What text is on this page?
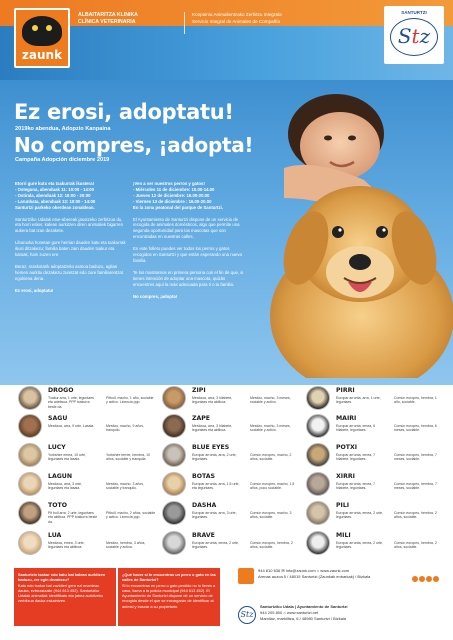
zaunk
ALBAITARITZA KLINIKA
CLÍNICA VETERINARIA
Konpainia Animalientzako Zerbitzu Integrala
Servicio Integral de Animales de Compañía
SANTURTZI
Stz
Ez erosi, adoptatu!
2019ko abenduа, Adopzio Kanpaina
No compres, ¡adopta!
Campaña Adopción diciembre 2019

Etorri gure kutx eta txakurrak ikustera!
- Osteguna, abenduak 11: 10:00 - 14:00
- Ostirala, abenduak 12: 16:00 - 20:00
- Larunbata, abenduak 13: 10:00 - 14:00
Santurtzi parkeko okerdean zonaldean.

Santurtziko Udalak etxe-abereak jasotzeko zerbitzua du, eta horri esker, kalean aurkitzen diren animaliek bigarren aukera bat izan dezakete.

Liburuxka honetan gure herrian dauden katu eta txakurrak ikusi ditzakezu; familia baten zain dauden txakur eta katuak, hain zuzen ere.

Beraz, maskotarik adoptatzeko asmoa baduzu, aglian hemen aurkitu dezakezu zuretzat edo zure familiarentzat egokiena dena.

Ez erosi, adoptatu!

¡Ven a ver nuestros perros y gatos!
- Miércoles 11 de diciembre: 10.00-14.00
- Jueves 12 de diciembre: 16.00-20.00
- Viernes 13 de diciembre : 16.00-20.00
En la zona peatonal del parque de Santurtzi.

El Ayuntamiento de Santurtzi dispone de un servicio de recogida de animales domésticos, algo que permite una segunda oportunidad para las mascotas que son encontradas en nuestras calles.

En este folleto puedes ver todos los perros y gatos recogidos en Santurtzi y que están esperando una nueva familia.

Te los mostramos en primera persona con el fin de que, si tienes intención de adoptar una mascota, quizás encuentres aquí la más adecuada para ti o tu familia.

No compres, ¡adopta!

DROGO
Txakur arra, 1 urte, leguntaes eta adeitsua. PPP txakurra beste da.
Pitbull, macho, 1 año, sociable y activo. Licencia ppp.
ZIPI
Mestizoa, arra, 3 hilabete, leguntaes eta aktiboa.
Mestizo, macho, 3 meses, sociable y activo.
PIRRI
Europar arrunta, arra, 1 urte, leguntaes.
Común europeo, hembra, 1 año, sociable.
SAGU
Mestizoa, arra, 9 urte. Lasaia.	Mestizo, macho, 9 años, tranquilo.
ZAPE
Mestizoa, arra, 3 hilabete, leguntaes eta aktiboa.
Mestizo, macho, 3 meses, sociable y activo.
MAIRI
Europar arrunta, emea, 6 hilabete, leguntaes.
Común europeo, hembra, 6 meses, sociable.
LUCY
Yorkshire emea, 10 urte, leguntaes eta lasaia.
Yorkshire terrier, hembra, 10 años, sociable y tranquila.
BLUE EYES
Europar arrunta, arra, 2 urte, leguntaes.
Común europeo, macho, 2 años, sociable.
POTXI
Europar arrunta, emea, 7 hilabete, leguntaes.
Común europeo, hembra, 7 meses, sociable.
LAGUN
Mestizoa, arra, 3 urte, leguntaes eta lasaia.
Mestizo, macho, 3 años, sociable y tranquilo.
BOTAS
Europar arrunta, arra, 1,5 urte, eta leguntaes.
Común europeo, macho, 1,5 años, poco sociable.
XIRRI
Europar arrunta, emea, 7 hilabete, leguntaes.
Común europeo, hembra, 7 meses, sociable.
TOTO
Pit bull arra, 2 urte, leguntaes eta aktiboa. PPP txakurra beste da.
Pitbull, macho, 2 años, sociable y activo. Licencia ppp.
DASHA
Europar arrunta, arra, 3 urte, leguntaes.
Común europeo, macho, 3 años, sociable.
PILI
Europar arrunta, emea, 2 urte, leguntaes.
Común europeo, hembra, 2 años, sociable.
LUA
Mestizoa, emea, 3 urte, leguntaes eta aktiboa.
Mestizo, hembra, 3 años, sociable y activa.
BRAVE
Europar arrunta, emea, 2 urte, leguntaes.
Común europeo, hembra, 2 años, sociable.
MILI
Europar arrunta, emea, 2 urte, leguntaes.
Común europeo, hembra, 2 años, sociable.
Santurtzin txakur edo katu bat kalean aurkitzen baduzu, zer egin dezakezu?
Katu edo txakur bat zuzkiteri gero ezi enantean dauka, ezbezatzaile (944 613 452). Santurtziko Udalak animaliak identifikatu eta jabea aurkitzeko zerbitzua dauka eskaintzen.
¿Qué hacer si te encuentras un perro o gato en las calles de Santurtzi?
Si lo encuentras en perro o gato perdido no lo lleves a casa, llama a la policía municipal (944 613 452). El Ayuntamiento de Santurtzi dispone de un servicio de recogida desde el que se encargarán de identificar al animal y buscar a su propietario.
944 810 636 ✉ info@zaunk.com ⌂ www.zaunk.com
Arenas auzoa 5 / 48015 Santurtzi (Zaunkak enbarkak) / Bizkaia
Stz
Santurtziko Udala | Ayuntamiento de Santurtzi
944 205 800 ⌂ www.santurtzi.net
Mamilaz, markilitza, 6 / 48980 Santurtzi / Bizkaia
